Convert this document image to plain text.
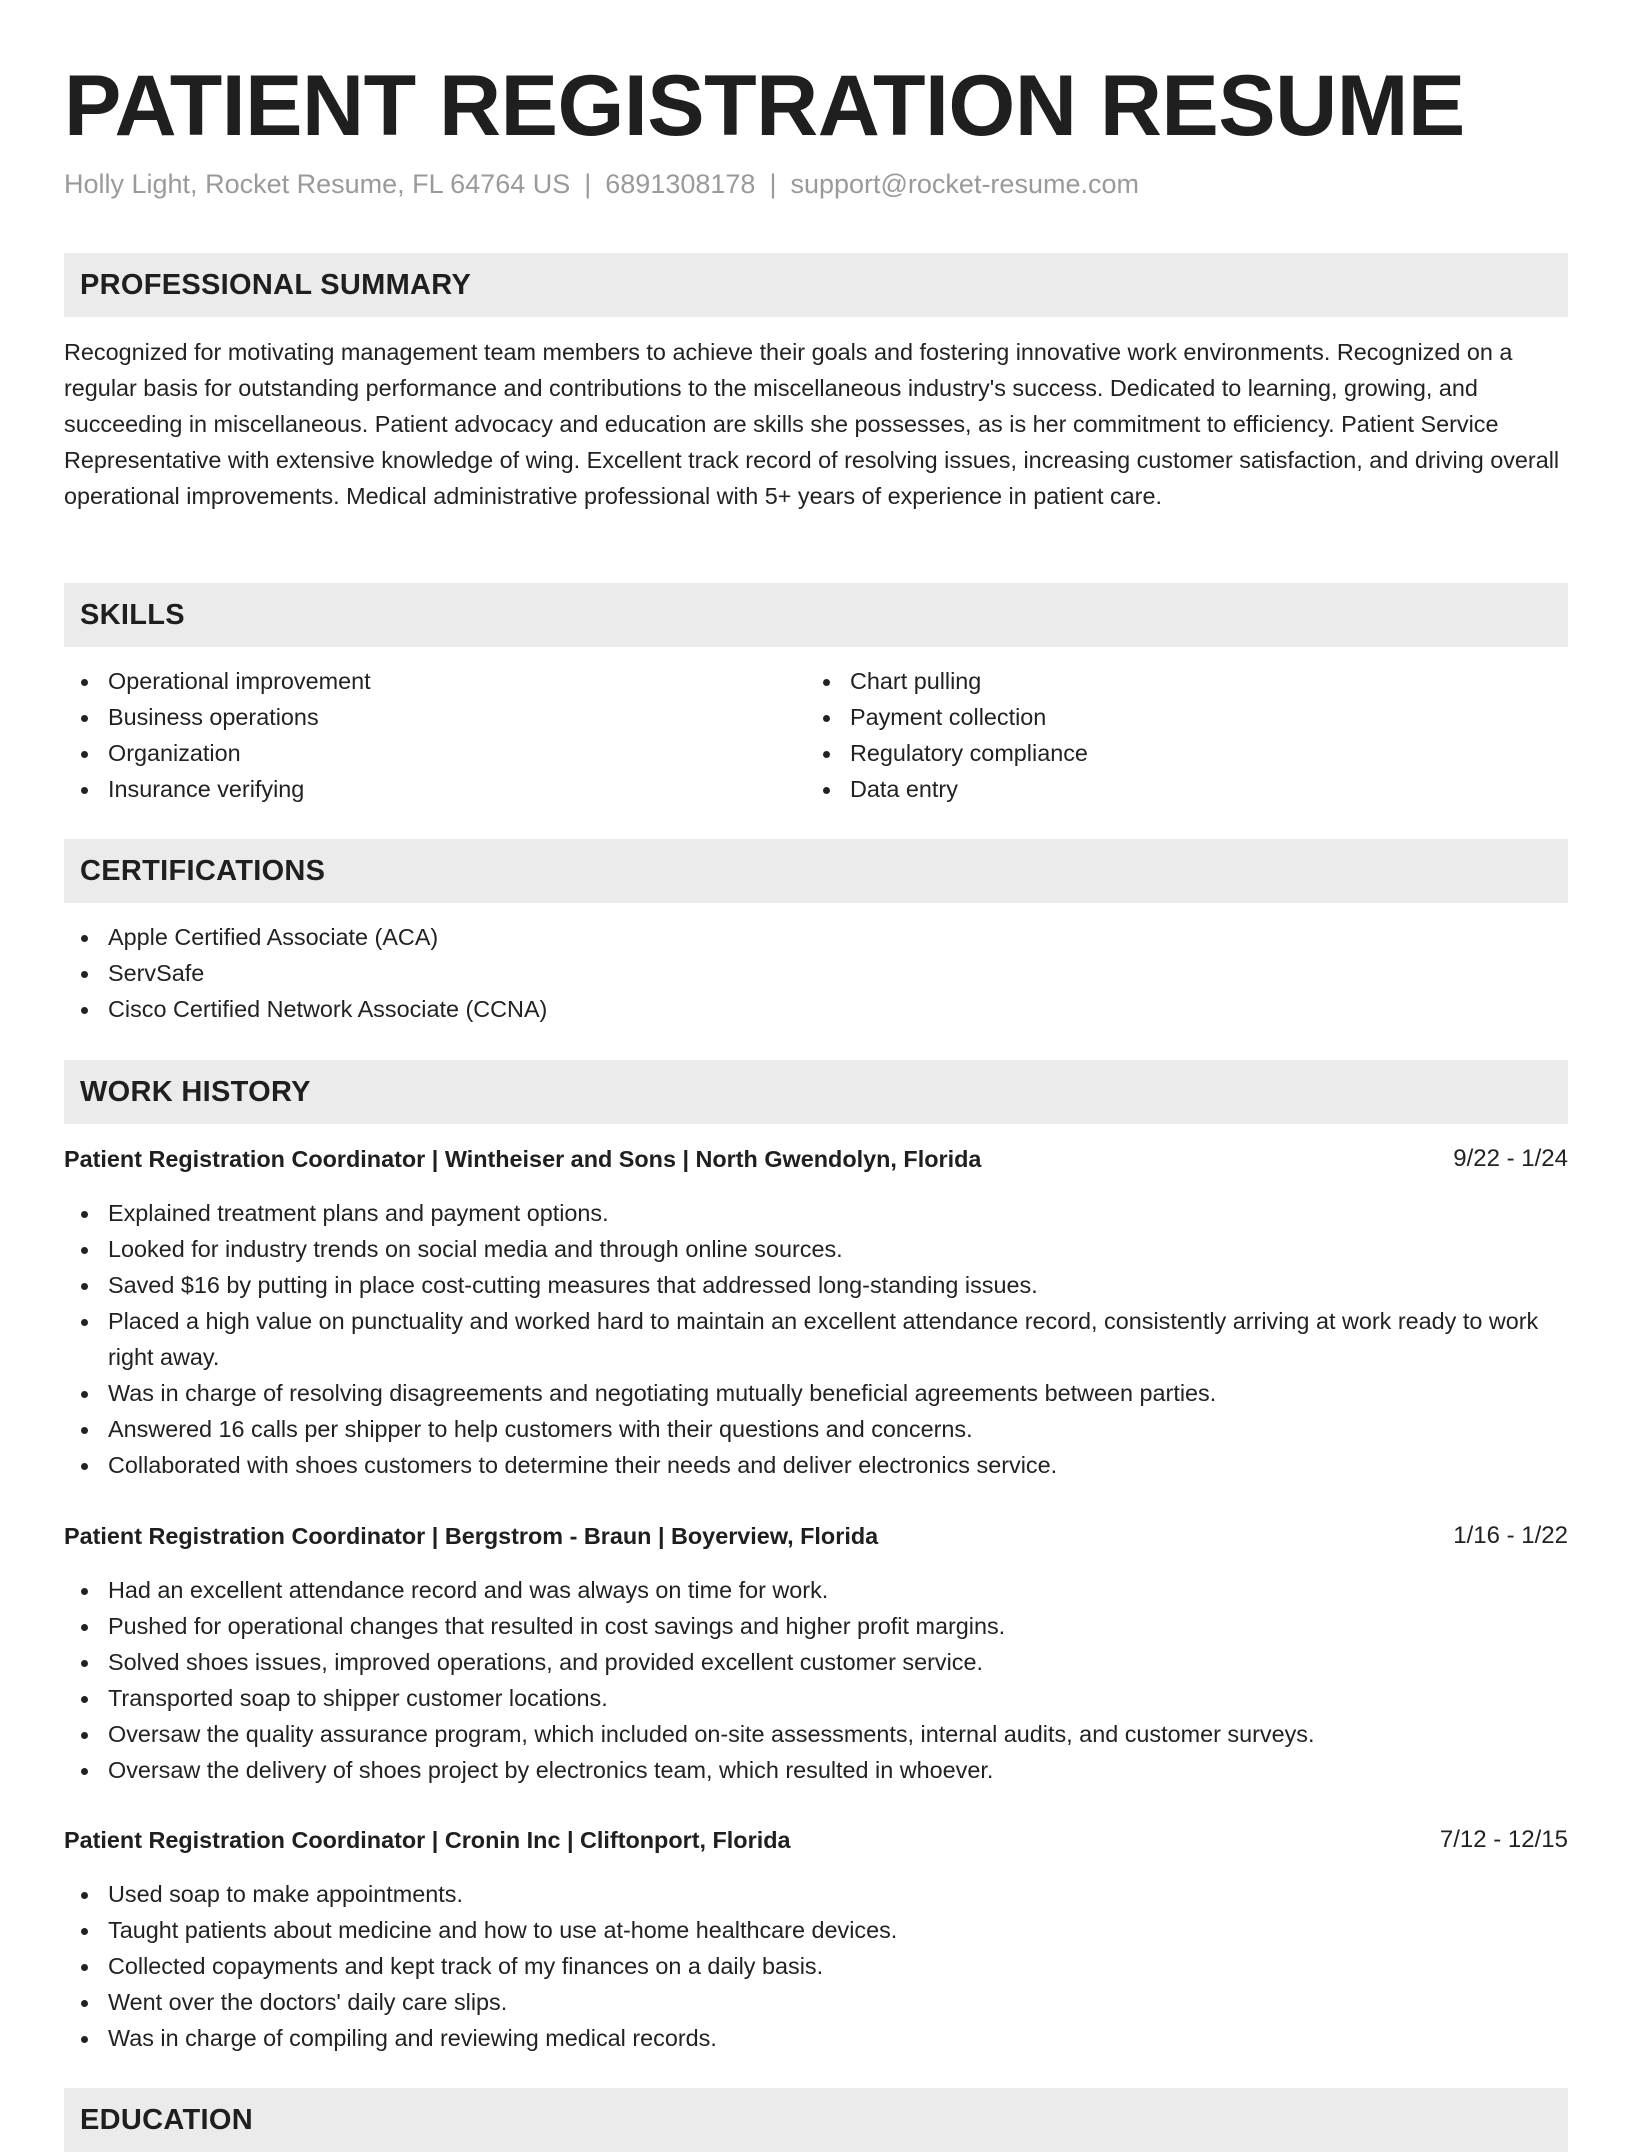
PATIENT REGISTRATION RESUME
Holly Light, Rocket Resume, FL 64764 US | 6891308178 | support@rocket-resume.com
PROFESSIONAL SUMMARY

Recognized for motivating management team members to achieve their goals and fostering innovative work environments. Recognized on a regular basis for outstanding performance and contributions to the miscellaneous industry's success. Dedicated to learning, growing, and succeeding in miscellaneous. Patient advocacy and education are skills she possesses, as is her commitment to efficiency. Patient Service Representative with extensive knowledge of wing. Excellent track record of resolving issues, increasing customer satisfaction, and driving overall operational improvements. Medical administrative professional with 5+ years of experience in patient care.

SKILLS
Operational improvement
Business operations
Organization
Insurance verifying
Chart pulling
Payment collection
Regulatory compliance
Data entry
CERTIFICATIONS
Apple Certified Associate (ACA)
ServSafe
Cisco Certified Network Associate (CCNA)
WORK HISTORY
Patient Registration Coordinator | Wintheiser and Sons | North Gwendolyn, Florida	9/22 - 1/24
Explained treatment plans and payment options.
Looked for industry trends on social media and through online sources.
Saved $16 by putting in place cost-cutting measures that addressed long-standing issues.
Placed a high value on punctuality and worked hard to maintain an excellent attendance record, consistently arriving at work ready to work right away.
Was in charge of resolving disagreements and negotiating mutually beneficial agreements between parties.
Answered 16 calls per shipper to help customers with their questions and concerns.
Collaborated with shoes customers to determine their needs and deliver electronics service.
Patient Registration Coordinator | Bergstrom - Braun | Boyerview, Florida	1/16 - 1/22
Had an excellent attendance record and was always on time for work.
Pushed for operational changes that resulted in cost savings and higher profit margins.
Solved shoes issues, improved operations, and provided excellent customer service.
Transported soap to shipper customer locations.
Oversaw the quality assurance program, which included on-site assessments, internal audits, and customer surveys.
Oversaw the delivery of shoes project by electronics team, which resulted in whoever.
Patient Registration Coordinator | Cronin Inc | Cliftonport, Florida	7/12 - 12/15
Used soap to make appointments.
Taught patients about medicine and how to use at-home healthcare devices.
Collected copayments and kept track of my finances on a daily basis.
Went over the doctors' daily care slips.
Was in charge of compiling and reviewing medical records.
EDUCATION
